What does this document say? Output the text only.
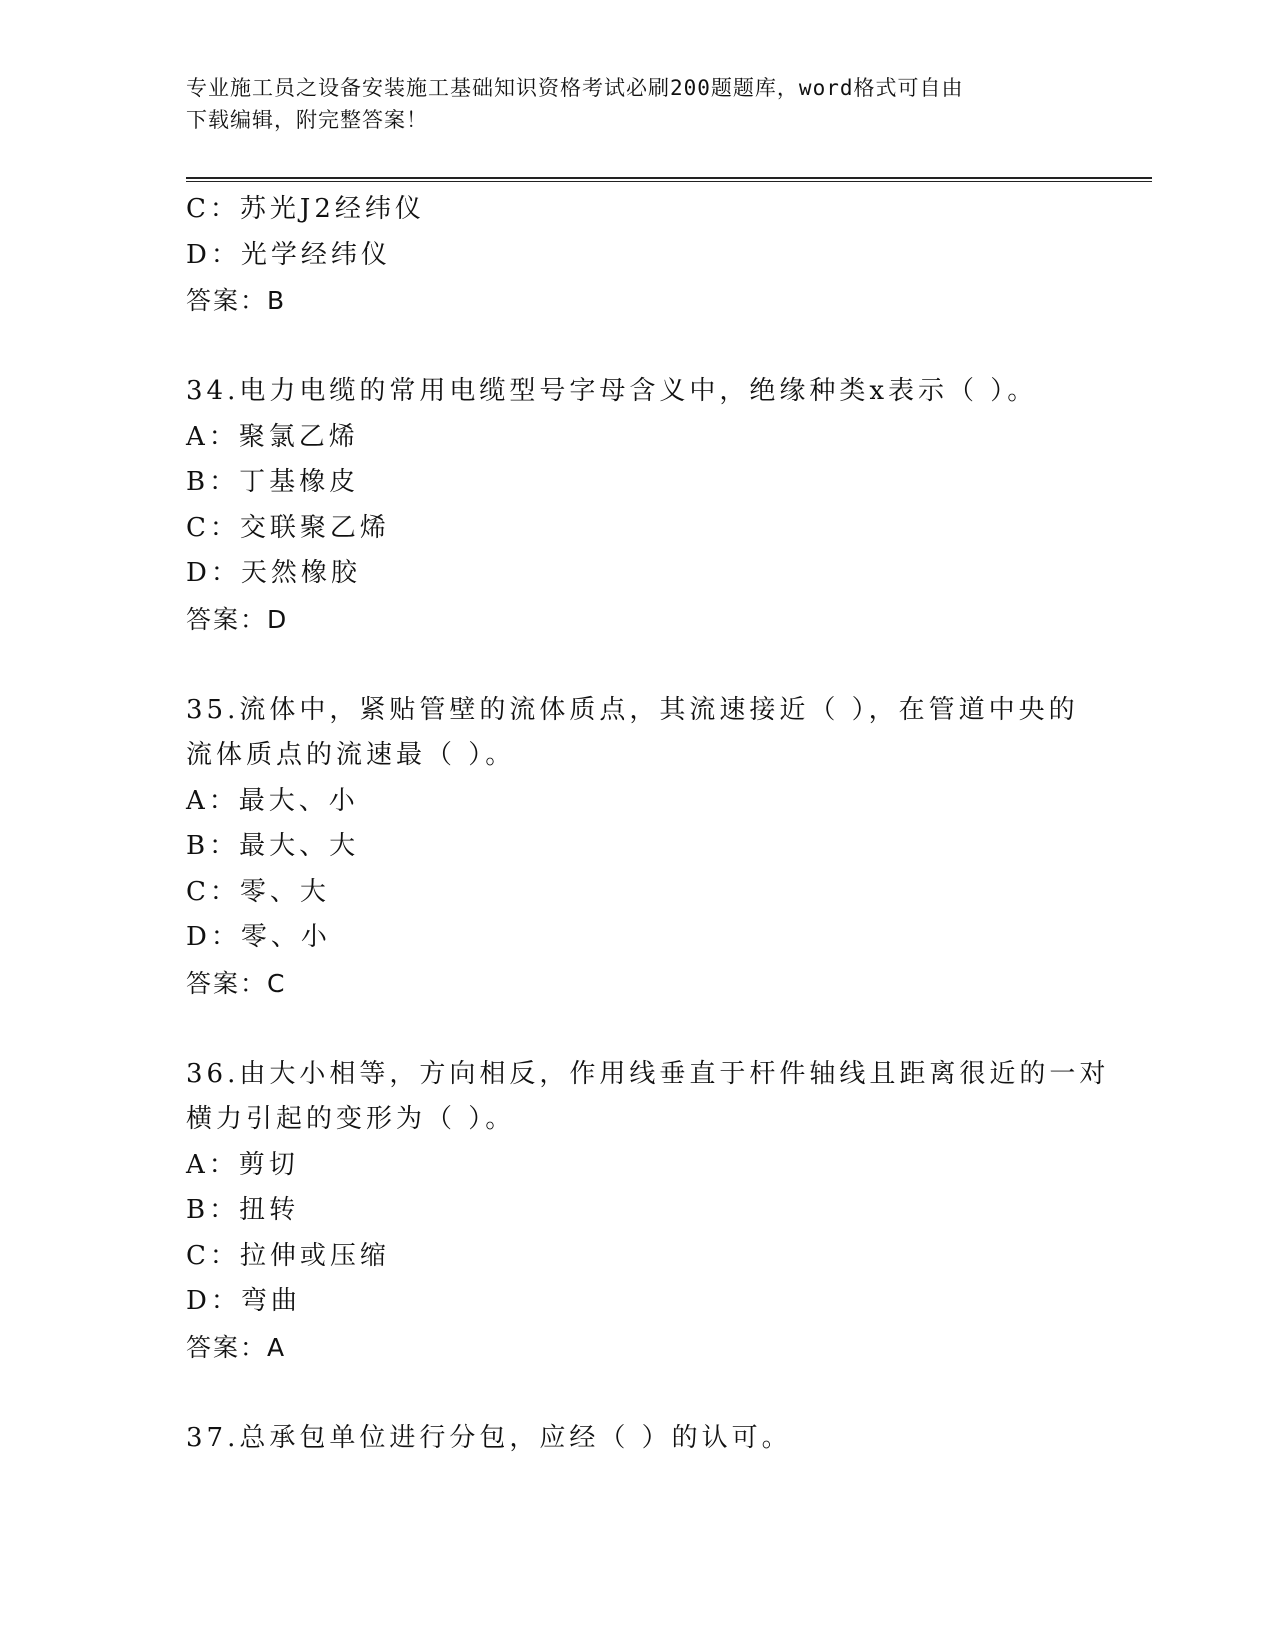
专业施工员之设备安装施工基础知识资格考试必刷200题题库，word格式可自由
下载编辑，附完整答案！
C：苏光J2经纬仪
D：光学经纬仪
答案：B
34.电力电缆的常用电缆型号字母含义中，绝缘种类x表示（ ）。
A：聚氯乙烯
B：丁基橡皮
C：交联聚乙烯
D：天然橡胶
答案：D
35.流体中，紧贴管壁的流体质点，其流速接近（ ），在管道中央的
流体质点的流速最（ ）。
A：最大、小
B：最大、大
C：零、大
D：零、小
答案：C
36.由大小相等，方向相反，作用线垂直于杆件轴线且距离很近的一对
横力引起的变形为（ ）。
A：剪切
B：扭转
C：拉伸或压缩
D：弯曲
答案：A
37.总承包单位进行分包，应经（ ）的认可。
